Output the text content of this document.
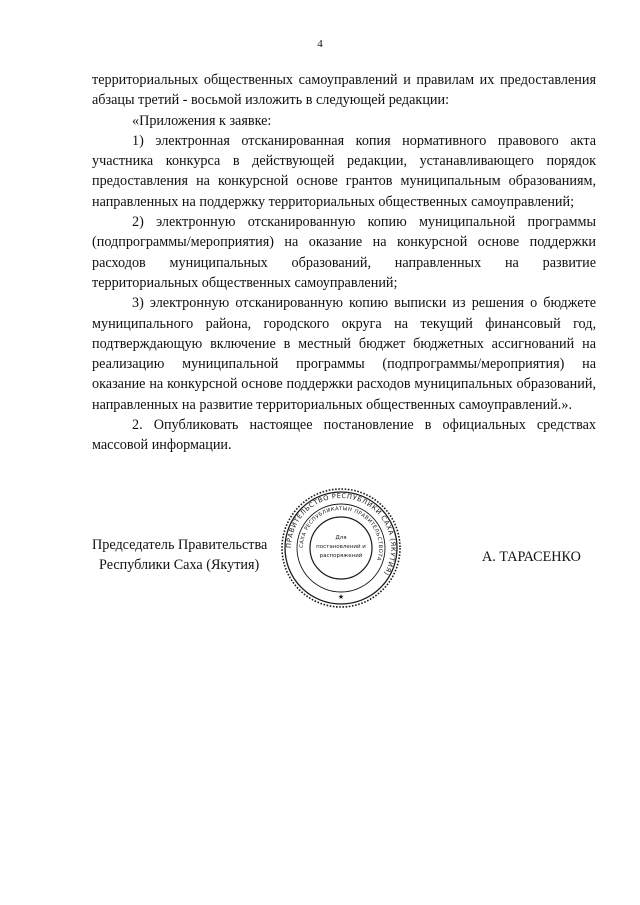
4

территориальных общественных самоуправлений и правилам их предоставления абзацы третий - восьмой изложить в следующей редакции:

«Приложения к заявке:

1) электронная отсканированная копия нормативного правового акта участника конкурса в действующей редакции, устанавливающего порядок предоставления на конкурсной основе грантов муниципальным образованиям, направленных на поддержку территориальных общественных самоуправлений;

2) электронную отсканированную копию муниципальной программы (подпрограммы/мероприятия) на оказание на конкурсной основе поддержки расходов муниципальных образований, направленных на развитие территориальных общественных самоуправлений;

3) электронную отсканированную копию выписки из решения о бюджете муниципального района, городского округа на текущий финансовый год, подтверждающую включение в местный бюджет бюджетных ассигнований на реализацию муниципальной программы (подпрограммы/мероприятия) на оказание на конкурсной основе поддержки расходов муниципальных образований, направленных на развитие территориальных общественных самоуправлений.».

2. Опубликовать настоящее постановление в официальных средствах массовой информации.

Председатель Правительства
Республики Саха (Якутия)
А. ТАРАСЕНКО
ПРАВИТЕЛЬСТВО РЕСПУБЛИКИ САХА (ЯКУТИЯ)
САХА РЕСПУБЛИКАТЫН ПРАВИТЕЛЬСТВОТА
Для
постановлений и
распоряжений
★
